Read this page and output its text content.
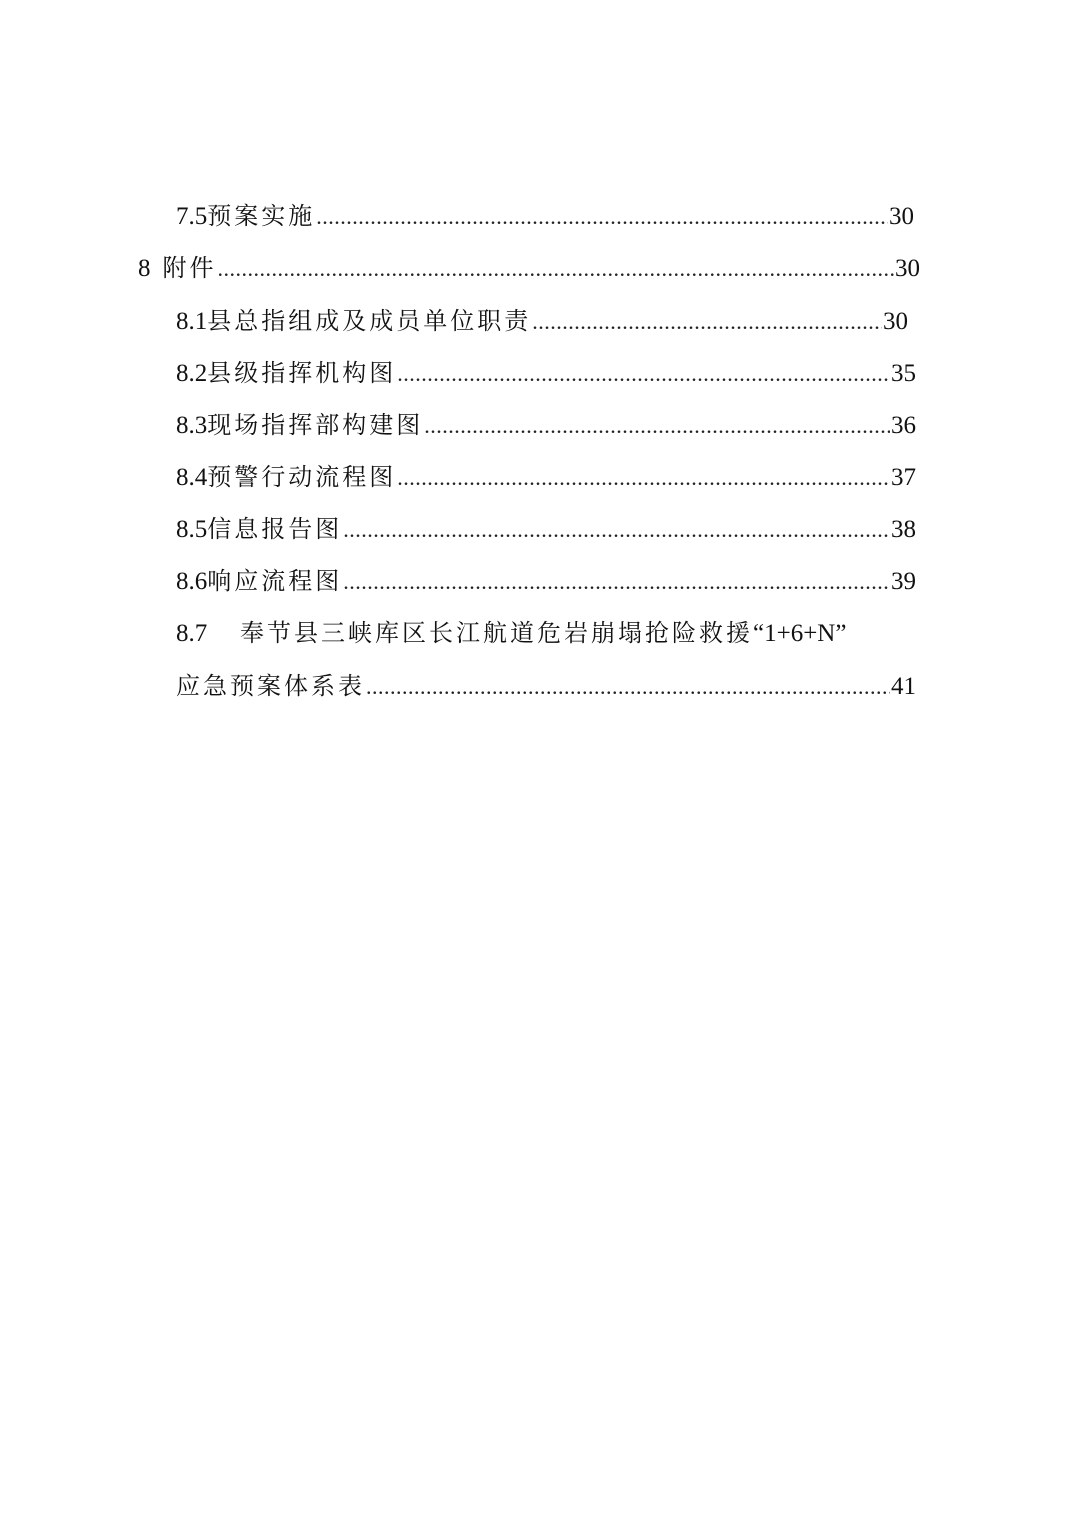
7.5 预案实施 .....	30
8 附件 .....	30
8.1 县总指组成及成员单位职责 .....	30
8.2 县级指挥机构图 .....	35
8.3 现场指挥部构建图 .....	36
8.4 预警行动流程图 .....	37
8.5 信息报告图 .....	38
8.6 响应流程图 .....	39
8.7 奉节县三峡库区长江航道危岩崩塌抢险救援“1+6+N”
应急预案体系表 .....	41
